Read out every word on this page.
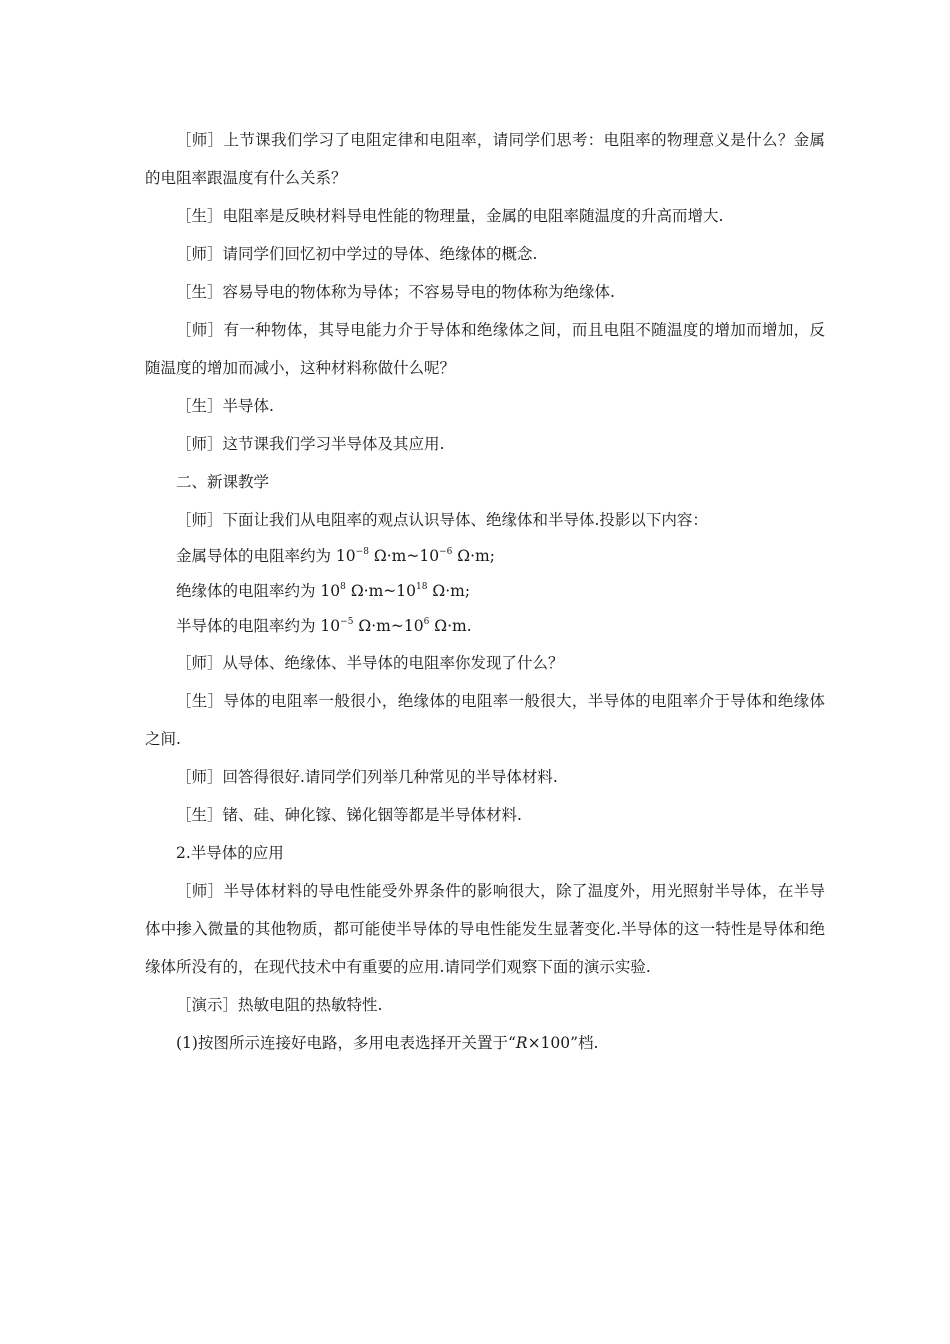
［师］上节课我们学习了电阻定律和电阻率，请同学们思考：电阻率的物理意义是什么？金属的电阻率跟温度有什么关系？

［生］电阻率是反映材料导电性能的物理量，金属的电阻率随温度的升高而增大.

［师］请同学们回忆初中学过的导体、绝缘体的概念.

［生］容易导电的物体称为导体；不容易导电的物体称为绝缘体.

［师］有一种物体，其导电能力介于导体和绝缘体之间，而且电阻不随温度的增加而增加，反随温度的增加而减小，这种材料称做什么呢？

［生］半导体.

［师］这节课我们学习半导体及其应用.

二、新课教学

［师］下面让我们从电阻率的观点认识导体、绝缘体和半导体.投影以下内容：

金属导体的电阻率约为 $10^{-8}$ $\Omega\cdot m\sim 10^{-6}$ Ω·m;

绝缘体的电阻率约为 $10^8$ $\Omega\cdot m\sim 10^{18}$ Ω·m;

半导体的电阻率约为 $10^{-5}$ $\Omega\cdot m\sim 10^6$ Ω·m.

［师］从导体、绝缘体、半导体的电阻率你发现了什么？

［生］导体的电阻率一般很小，绝缘体的电阻率一般很大，半导体的电阻率介于导体和绝缘体之间.

［师］回答得很好.请同学们列举几种常见的半导体材料.

［生］锗、硅、砷化镓、锑化铟等都是半导体材料.

2.半导体的应用

［师］半导体材料的导电性能受外界条件的影响很大，除了温度外，用光照射半导体，在半导体中掺入微量的其他物质，都可能使半导体的导电性能发生显著变化.半导体的这一特性是导体和绝缘体所没有的，在现代技术中有重要的应用.请同学们观察下面的演示实验.

［演示］热敏电阻的热敏特性.

(1)按图所示连接好电路，多用电表选择开关置于“R×100”档.
